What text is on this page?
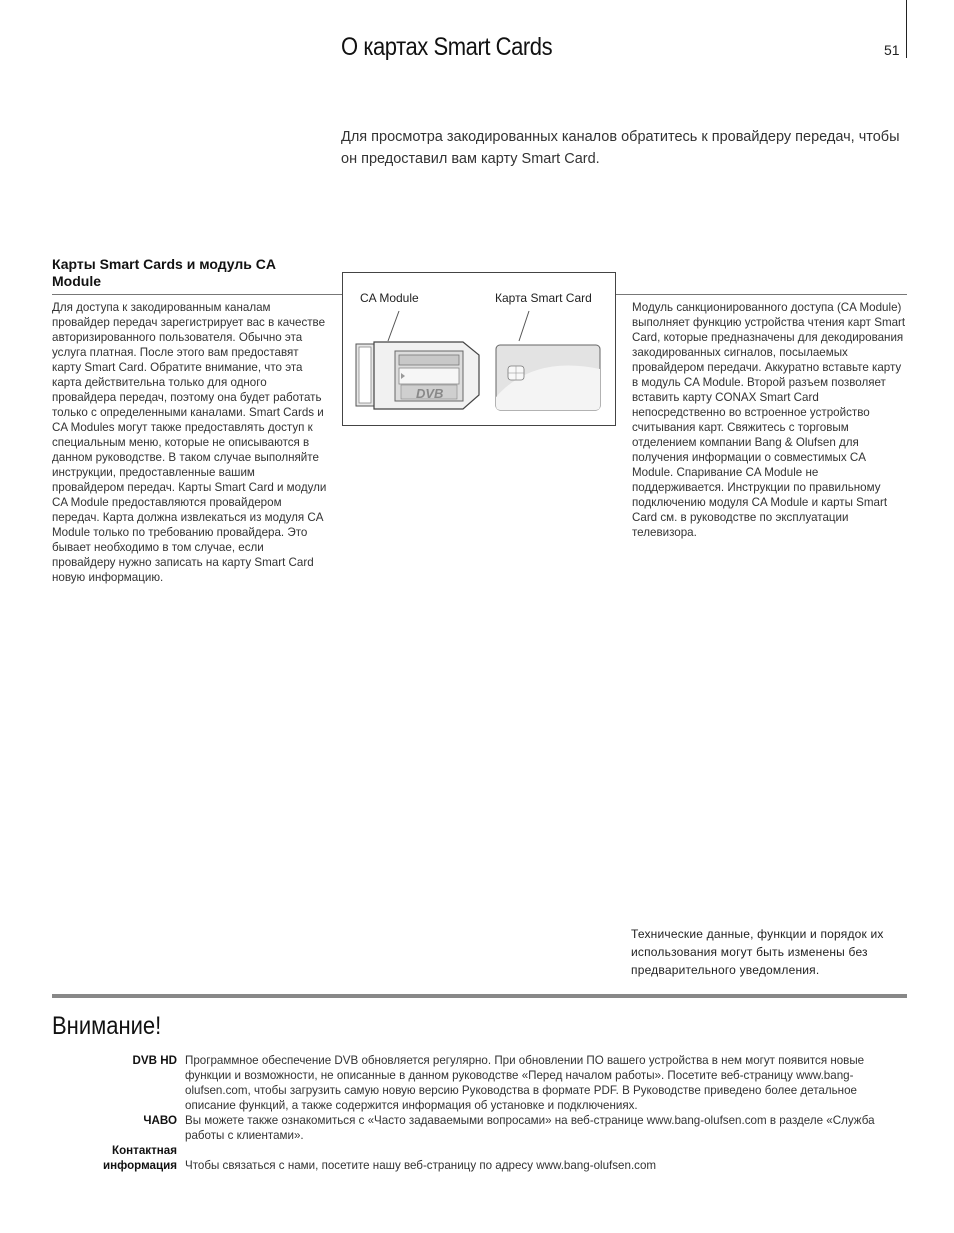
О картах Smart Cards	51
Для просмотра закодированных каналов обратитесь к провайдеру передач, чтобы он предоставил вам карту Smart Card.
Карты Smart Cards и модуль CA Module
Для доступа к закодированным каналам провайдер передач зарегистрирует вас в качестве авторизированного пользователя. Обычно эта услуга платная. После этого вам предоставят карту Smart Card. Обратите внимание, что эта карта действительна только для одного провайдера передач, поэтому она будет работать только с определенными каналами. Smart Cards и CA Modules могут также предоставлять доступ к специальным меню, которые не описываются в данном руководстве. В таком случае выполняйте инструкции, предоставленные вашим провайдером передач. Карты Smart Card и модули CA Module предоставляются провайдером передач. Карта должна извлекаться из модуля CA Module только по требованию провайдера. Это бывает необходимо в том случае, если провайдеру нужно записать на карту Smart Card новую информацию.
CA Module	Карта Smart Card
DVB
Модуль санкционированного доступа (CA Module) выполняет функцию устройства чтения карт Smart Card, которые предназначены для декодирования закодированных сигналов, посылаемых провайдером передачи. Аккуратно вставьте карту в модуль CA Module. Второй разъем позволяет вставить карту CONAX Smart Card непосредственно во встроенное устройство считывания карт. Свяжитесь с торговым отделением компании Bang & Olufsen для получения информации о совместимых CA Module. Спаривание CA Module не поддерживается. Инструкции по правильному подключению модуля CA Module и карты Smart Card см. в руководстве по эксплуатации телевизора.
Технические данные, функции и порядок их использования могут быть изменены без предварительного уведомления.
Внимание!
DVB HD Программное обеспечение DVB обновляется регулярно. При обновлении ПО вашего устройства в нем могут появится новые функции и возможности, не описанные в данном руководстве «Перед началом работы». Посетите веб-страницу www.bang-olufsen.com, чтобы загрузить самую новую версию Руководства в формате PDF. В Руководстве приведено более детальное описание функций, а также содержится информация об установке и подключениях.
ЧАВО Вы можете также ознакомиться с «Часто задаваемыми вопросами» на веб-странице www.bang-olufsen.com в разделе «Служба работы с клиентами».
Контактная информация Чтобы связаться с нами, посетите нашу веб-страницу по адресу www.bang-olufsen.com
